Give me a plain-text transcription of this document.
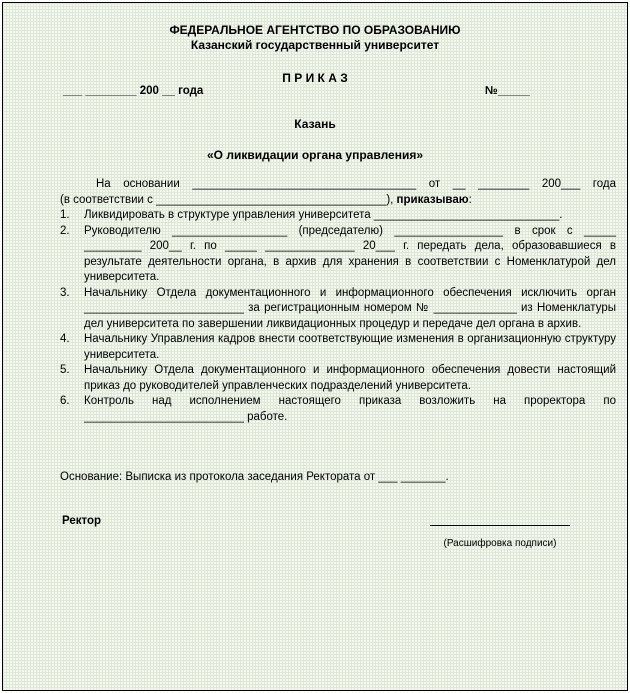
ФЕДЕРАЛЬНОЕ АГЕНТСТВО ПО ОБРАЗОВАНИЮ
Казанский государственный университет
П Р И К А З
___ ________ 200 __ года	№_____
Казань
«О ликвидации органа управления»
На основании ___________________________________ от __ ________ 200___ года
(в соответствии с ____________________________________), приказываю:
1. Ликвидировать в структуре управления университета _____________________________.
2. Руководителю __________________ (председателю) _________________ в срок с _____ _________ 200__ г. по _____ ______________ 20___ г. передать дела, образовавшиеся в результате деятельности органа, в архив для хранения в соответствии с Номенклатурой дел университета.
3. Начальнику Отдела документационного и информационного обеспечения исключить орган _________________________ за регистрационным номером № _____________ из Номенклатуры дел университета по завершении ликвидационных процедур и передаче дел органа в архив.
4. Начальнику Управления кадров внести соответствующие изменения в организационную структуру университета.
5. Начальнику Отдела документационного и информационного обеспечения довести настоящий приказ до руководителей управленческих подразделений университета.
6. Контроль над исполнением настоящего приказа возложить на проректора по _________________________ работе.
Основание: Выписка из протокола заседания Ректората от ___ _______.
Ректор
(Расшифровка подписи)
